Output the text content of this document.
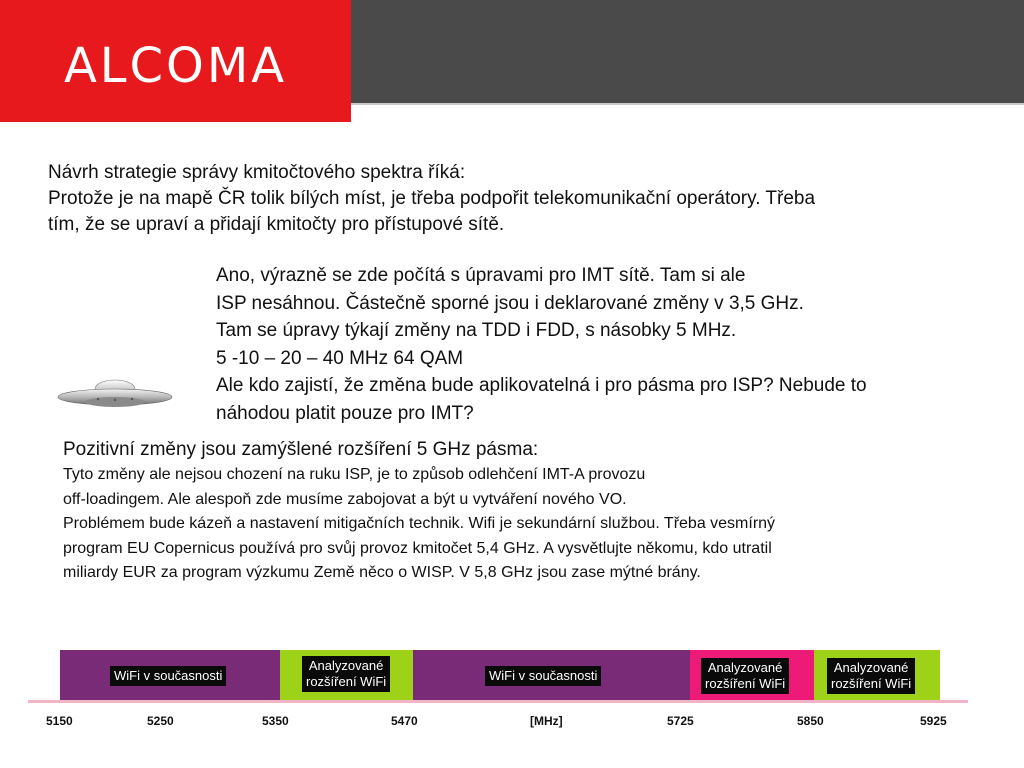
ALCOMA
Návrh strategie správy kmitočtového spektra říká:
Protože je na mapě ČR tolik bílých míst, je třeba podpořit telekomunikační operátory. Třeba
tím, že se upraví a přidají kmitočty pro přístupové sítě.
Ano, výrazně se zde počítá s úpravami pro IMT sítě. Tam si ale
ISP nesáhnou. Částečně sporné jsou i deklarované změny v 3,5 GHz.
Tam se úpravy týkají změny na TDD i FDD, s násobky 5 MHz.
5 -10 – 20 – 40 MHz 64 QAM
Ale kdo zajistí, že změna bude aplikovatelná i pro pásma pro ISP? Nebude to
náhodou platit pouze pro IMT?
Pozitivní změny jsou zamýšlené rozšíření 5 GHz pásma:
Tyto změny ale nejsou chození na ruku ISP, je to způsob odlehčení IMT-A provozu
off-loadingem. Ale alespoň zde musíme zabojovat a být u vytváření nového VO.
Problémem bude kázeň a nastavení mitigačních technik. Wifi je sekundární službou. Třeba vesmírný
program EU Copernicus používá pro svůj provoz kmitočet 5,4 GHz. A vysvětlujte někomu, kdo utratil
miliardy EUR za program výzkumu Země něco o WISP. V 5,8 GHz jsou zase mýtné brány.
WiFi v současnosti
Analyzované
rozšíření WiFi	WiFi v současnosti
Analyzované
rozšíření WiFi
Analyzované
rozšíření WiFi
5150	5250	5350	5470	[MHz]	5725	5850	5925
